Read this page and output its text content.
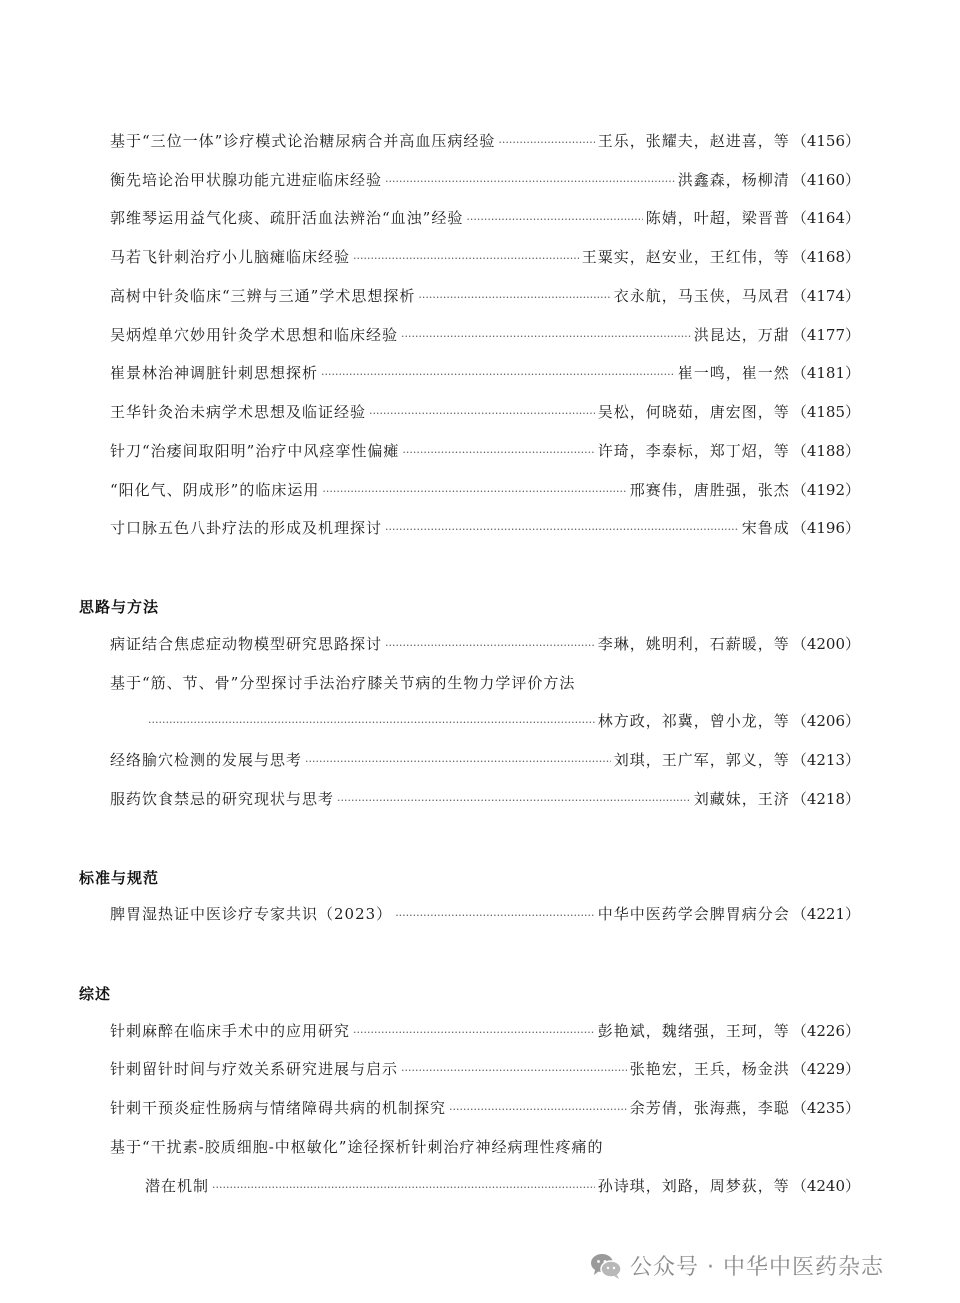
基于“三位一体”诊疗模式论治糖尿病合并高血压病经验 ·····	王乐，张耀夫，赵进喜，等 （4156）
衡先培论治甲状腺功能亢进症临床经验 ·····	洪鑫森，杨柳清 （4160）
郭维琴运用益气化痰、疏肝活血法辨治“血浊”经验 ·····	陈婧，叶超，梁晋普 （4164）
马若飞针刺治疗小儿脑瘫临床经验 ·····	王粟实，赵安业，王红伟，等 （4168）
高树中针灸临床“三辨与三通”学术思想探析 ·····	衣永航，马玉侠，马凤君 （4174）
吴炳煌单穴妙用针灸学术思想和临床经验 ·····	洪昆达，万甜 （4177）
崔景林治神调脏针刺思想探析 ·····	崔一鸣，崔一然 （4181）
王华针灸治未病学术思想及临证经验 ·····	吴松，何晓茹，唐宏图，等 （4185）
针刀“治痿间取阳明”治疗中风痉挛性偏瘫 ·····	许琦，李泰标，郑丁炤，等 （4188）
“阳化气、阴成形”的临床运用 ·····	邢赛伟，唐胜强，张杰 （4192）
寸口脉五色八卦疗法的形成及机理探讨 ·····	宋鲁成 （4196）
思路与方法
病证结合焦虑症动物模型研究思路探讨 ·····	李琳，姚明利，石薪暖，等 （4200）
基于“筋、节、骨”分型探讨手法治疗膝关节病的生物力学评价方法
·····
林方政，祁冀，曾小龙，等 （4206）
经络腧穴检测的发展与思考 ·····	刘琪，王广军，郭义，等 （4213）
服药饮食禁忌的研究现状与思考 ·····	刘藏妹，王济 （4218）
标准与规范
脾胃湿热证中医诊疗专家共识（2023） ·····	中华中医药学会脾胃病分会 （4221）
综述
针刺麻醉在临床手术中的应用研究 ·····	彭艳斌，魏绪强，王珂，等 （4226）
针刺留针时间与疗效关系研究进展与启示 ·····	张艳宏，王兵，杨金洪 （4229）
针刺干预炎症性肠病与情绪障碍共病的机制探究 ·····	余芳倩，张海燕，李聪 （4235）
基于“干扰素-胶质细胞-中枢敏化”途径探析针刺治疗神经病理性疼痛的
潜在机制 ·····	孙诗琪，刘路，周梦荻，等 （4240）
公众号 · 中华中医药杂志
